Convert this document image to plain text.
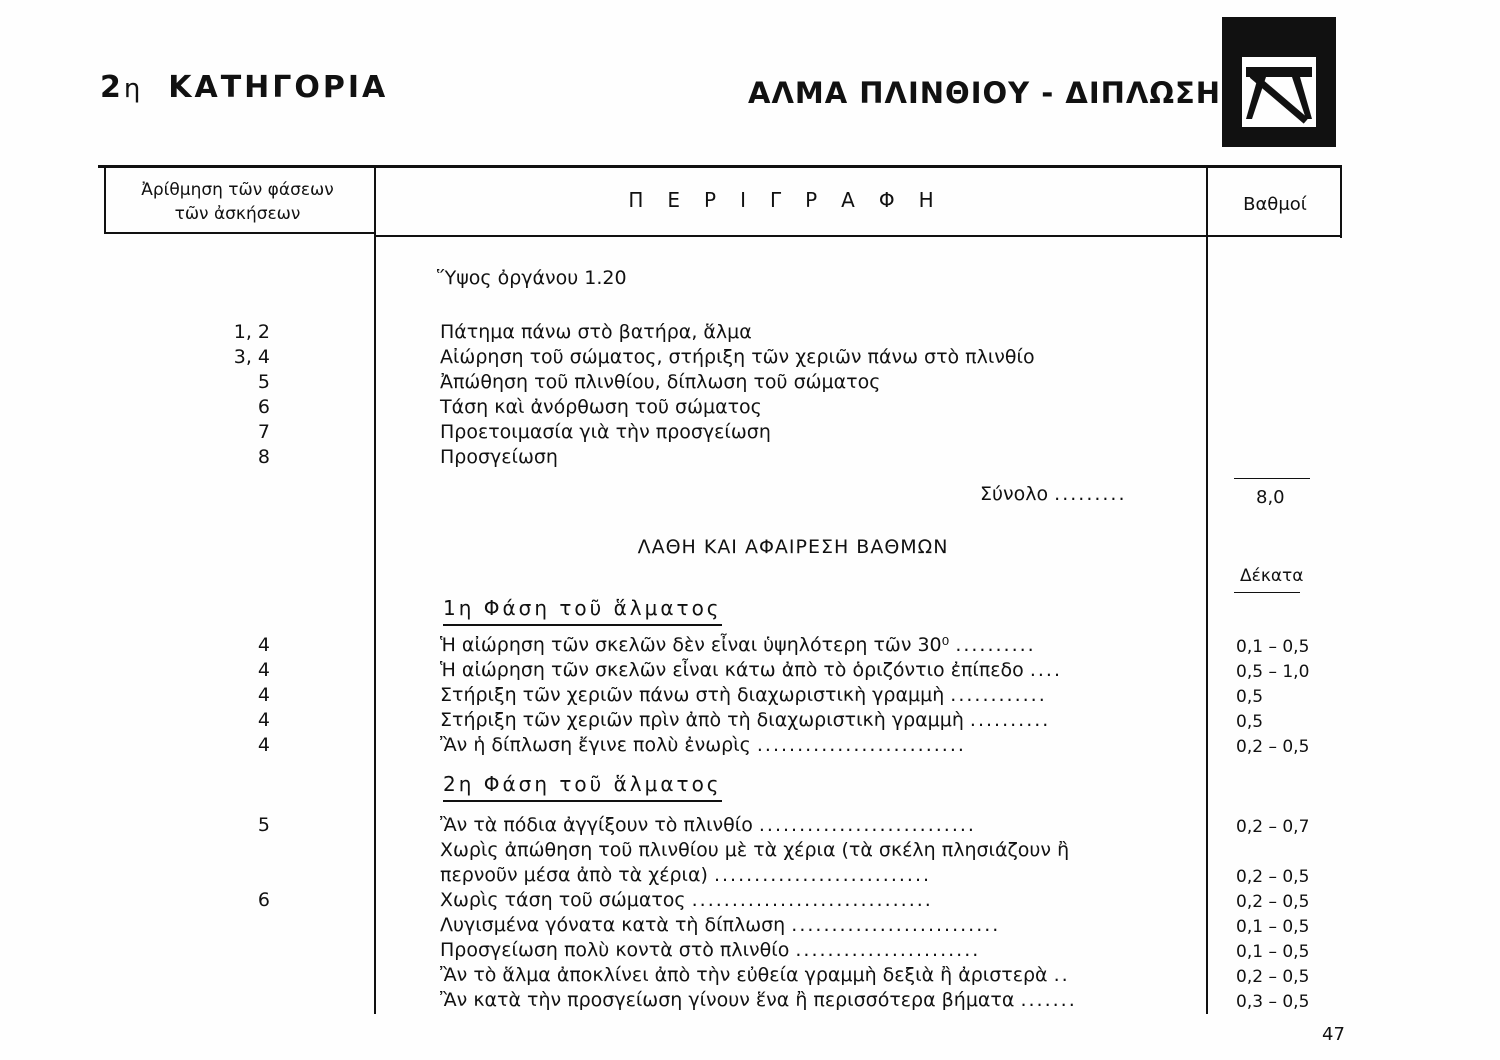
2η ΚΑΤΗΓΟΡΙΑ	ΑΛΜΑ ΠΛΙΝΘΙΟΥ - ΔΙΠΛΩΣΗ
Ἀρίθμηση τῶν φάσεων
τῶν ἀσκήσεων
ΠΕΡΙΓΡΑΦΗ	Βαθμοί
Ὕψος ὀργάνου 1.20
1, 2	Πάτημα πάνω στὸ βατήρα, ἅλμα
3, 4	Αἰώρηση τοῦ σώματος, στήριξη τῶν χεριῶν πάνω στὸ πλινθίο
5	Ἀπώθηση τοῦ πλινθίου, δίπλωση τοῦ σώματος
6	Τάση καὶ ἀνόρθωση τοῦ σώματος
7	Προετοιμασία γιὰ τὴν προσγείωση
8	Προσγείωση
Σύνολο .........	8,0
ΛΑΘΗ ΚΑΙ ΑΦΑΙΡΕΣΗ ΒΑΘΜΩΝ
Δέκατα
1η Φάση τοῦ ἅλματος
4	Ἡ αἰώρηση τῶν σκελῶν δὲν εἶναι ὑψηλότερη τῶν 30⁰ ..........	0,1 – 0,5
4	Ἡ αἰώρηση τῶν σκελῶν εἶναι κάτω ἀπὸ τὸ ὁριζόντιο ἐπίπεδο ....	0,5 – 1,0
4	Στήριξη τῶν χεριῶν πάνω στὴ διαχωριστικὴ γραμμὴ ............	0,5
4	Στήριξη τῶν χεριῶν πρὶν ἀπὸ τὴ διαχωριστικὴ γραμμὴ ..........	0,5
4	Ἂν ἡ δίπλωση ἔγινε πολὺ ἐνωρὶς ..........................	0,2 – 0,5
2η Φάση τοῦ ἅλματος
5	Ἂν τὰ πόδια ἀγγίξουν τὸ πλινθίο ...........................	0,2 – 0,7
Χωρὶς ἀπώθηση τοῦ πλινθίου μὲ τὰ χέρια (τὰ σκέλη πλησιάζουν ἢ
περνοῦν μέσα ἀπὸ τὰ χέρια) ...........................	0,2 – 0,5
6	Χωρὶς τάση τοῦ σώματος ..............................	0,2 – 0,5
Λυγισμένα γόνατα κατὰ τὴ δίπλωση ..........................	0,1 – 0,5
Προσγείωση πολὺ κοντὰ στὸ πλινθίο .......................	0,1 – 0,5
Ἂν τὸ ἅλμα ἀποκλίνει ἀπὸ τὴν εὐθεία γραμμὴ δεξιὰ ἢ ἀριστερὰ ..	0,2 – 0,5
Ἂν κατὰ τὴν προσγείωση γίνουν ἕνα ἢ περισσότερα βήματα .......	0,3 – 0,5
47
